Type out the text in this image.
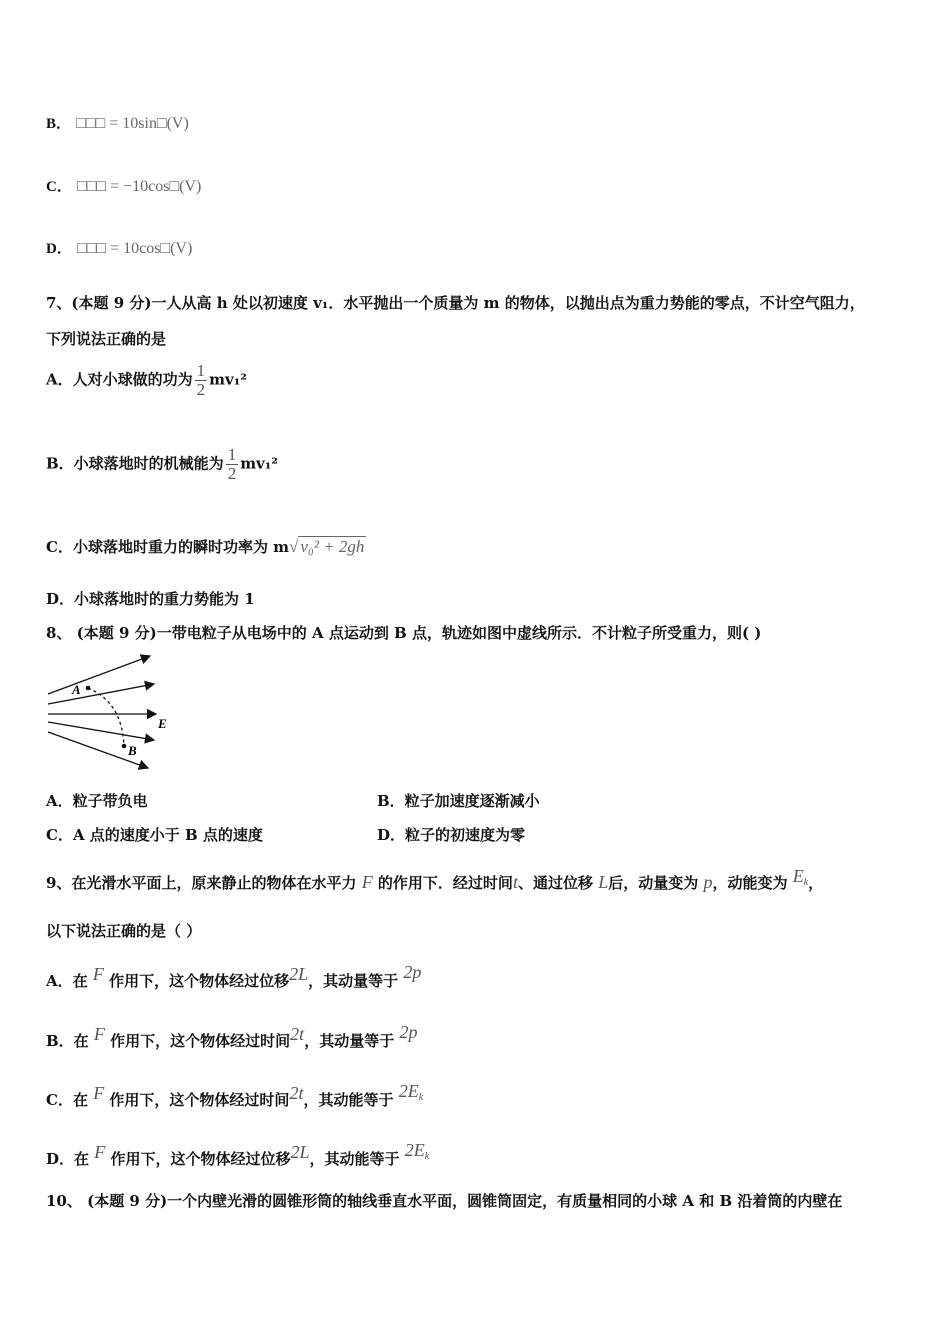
B． □□□ = 10sin□(V)
C． □□□ = −10cos□(V)
D． □□□ = 10cos□(V)
7、(本题 9 分)一人从高 h 处以初速度 v₁．水平抛出一个质量为 m 的物体，以抛出点为重力势能的零点，不计空气阻力，
下列说法正确的是
A．人对小球做的功为 $\frac{1}{2} mv_1^2$
B．小球落地时的机械能为 $\frac{1}{2} mv_1^2$
C．小球落地时重力的瞬时功率为 m√ v₀² + 2gh
D．小球落地时的重力势能为 1
8、 (本题 9 分)一带电粒子从电场中的 A 点运动到 B 点，轨迹如图中虚线所示．不计粒子所受重力，则( )
A
B
E
A．粒子带负电	B．粒子加速度逐渐减小
C．A 点的速度小于 B 点的速度	D．粒子的初速度为零
9、在光滑水平面上，原来静止的物体在水平力 F 的作用下．经过时间t、通过位移 L后，动量变为 p，动能变为 $E_k$，
以下说法正确的是（ ）
A．在 F 作用下，这个物体经过位移2L，其动量等于 2p
B．在 F 作用下，这个物体经过时间2t，其动量等于 2p
C．在 F 作用下，这个物体经过时间2t，其动能等于 $2E_k$
D．在 F 作用下，这个物体经过位移2L，其动能等于 $2E_k$
10、 (本题 9 分)一个内壁光滑的圆锥形筒的轴线垂直水平面，圆锥筒固定，有质量相同的小球 A 和 B 沿着筒的内壁在
